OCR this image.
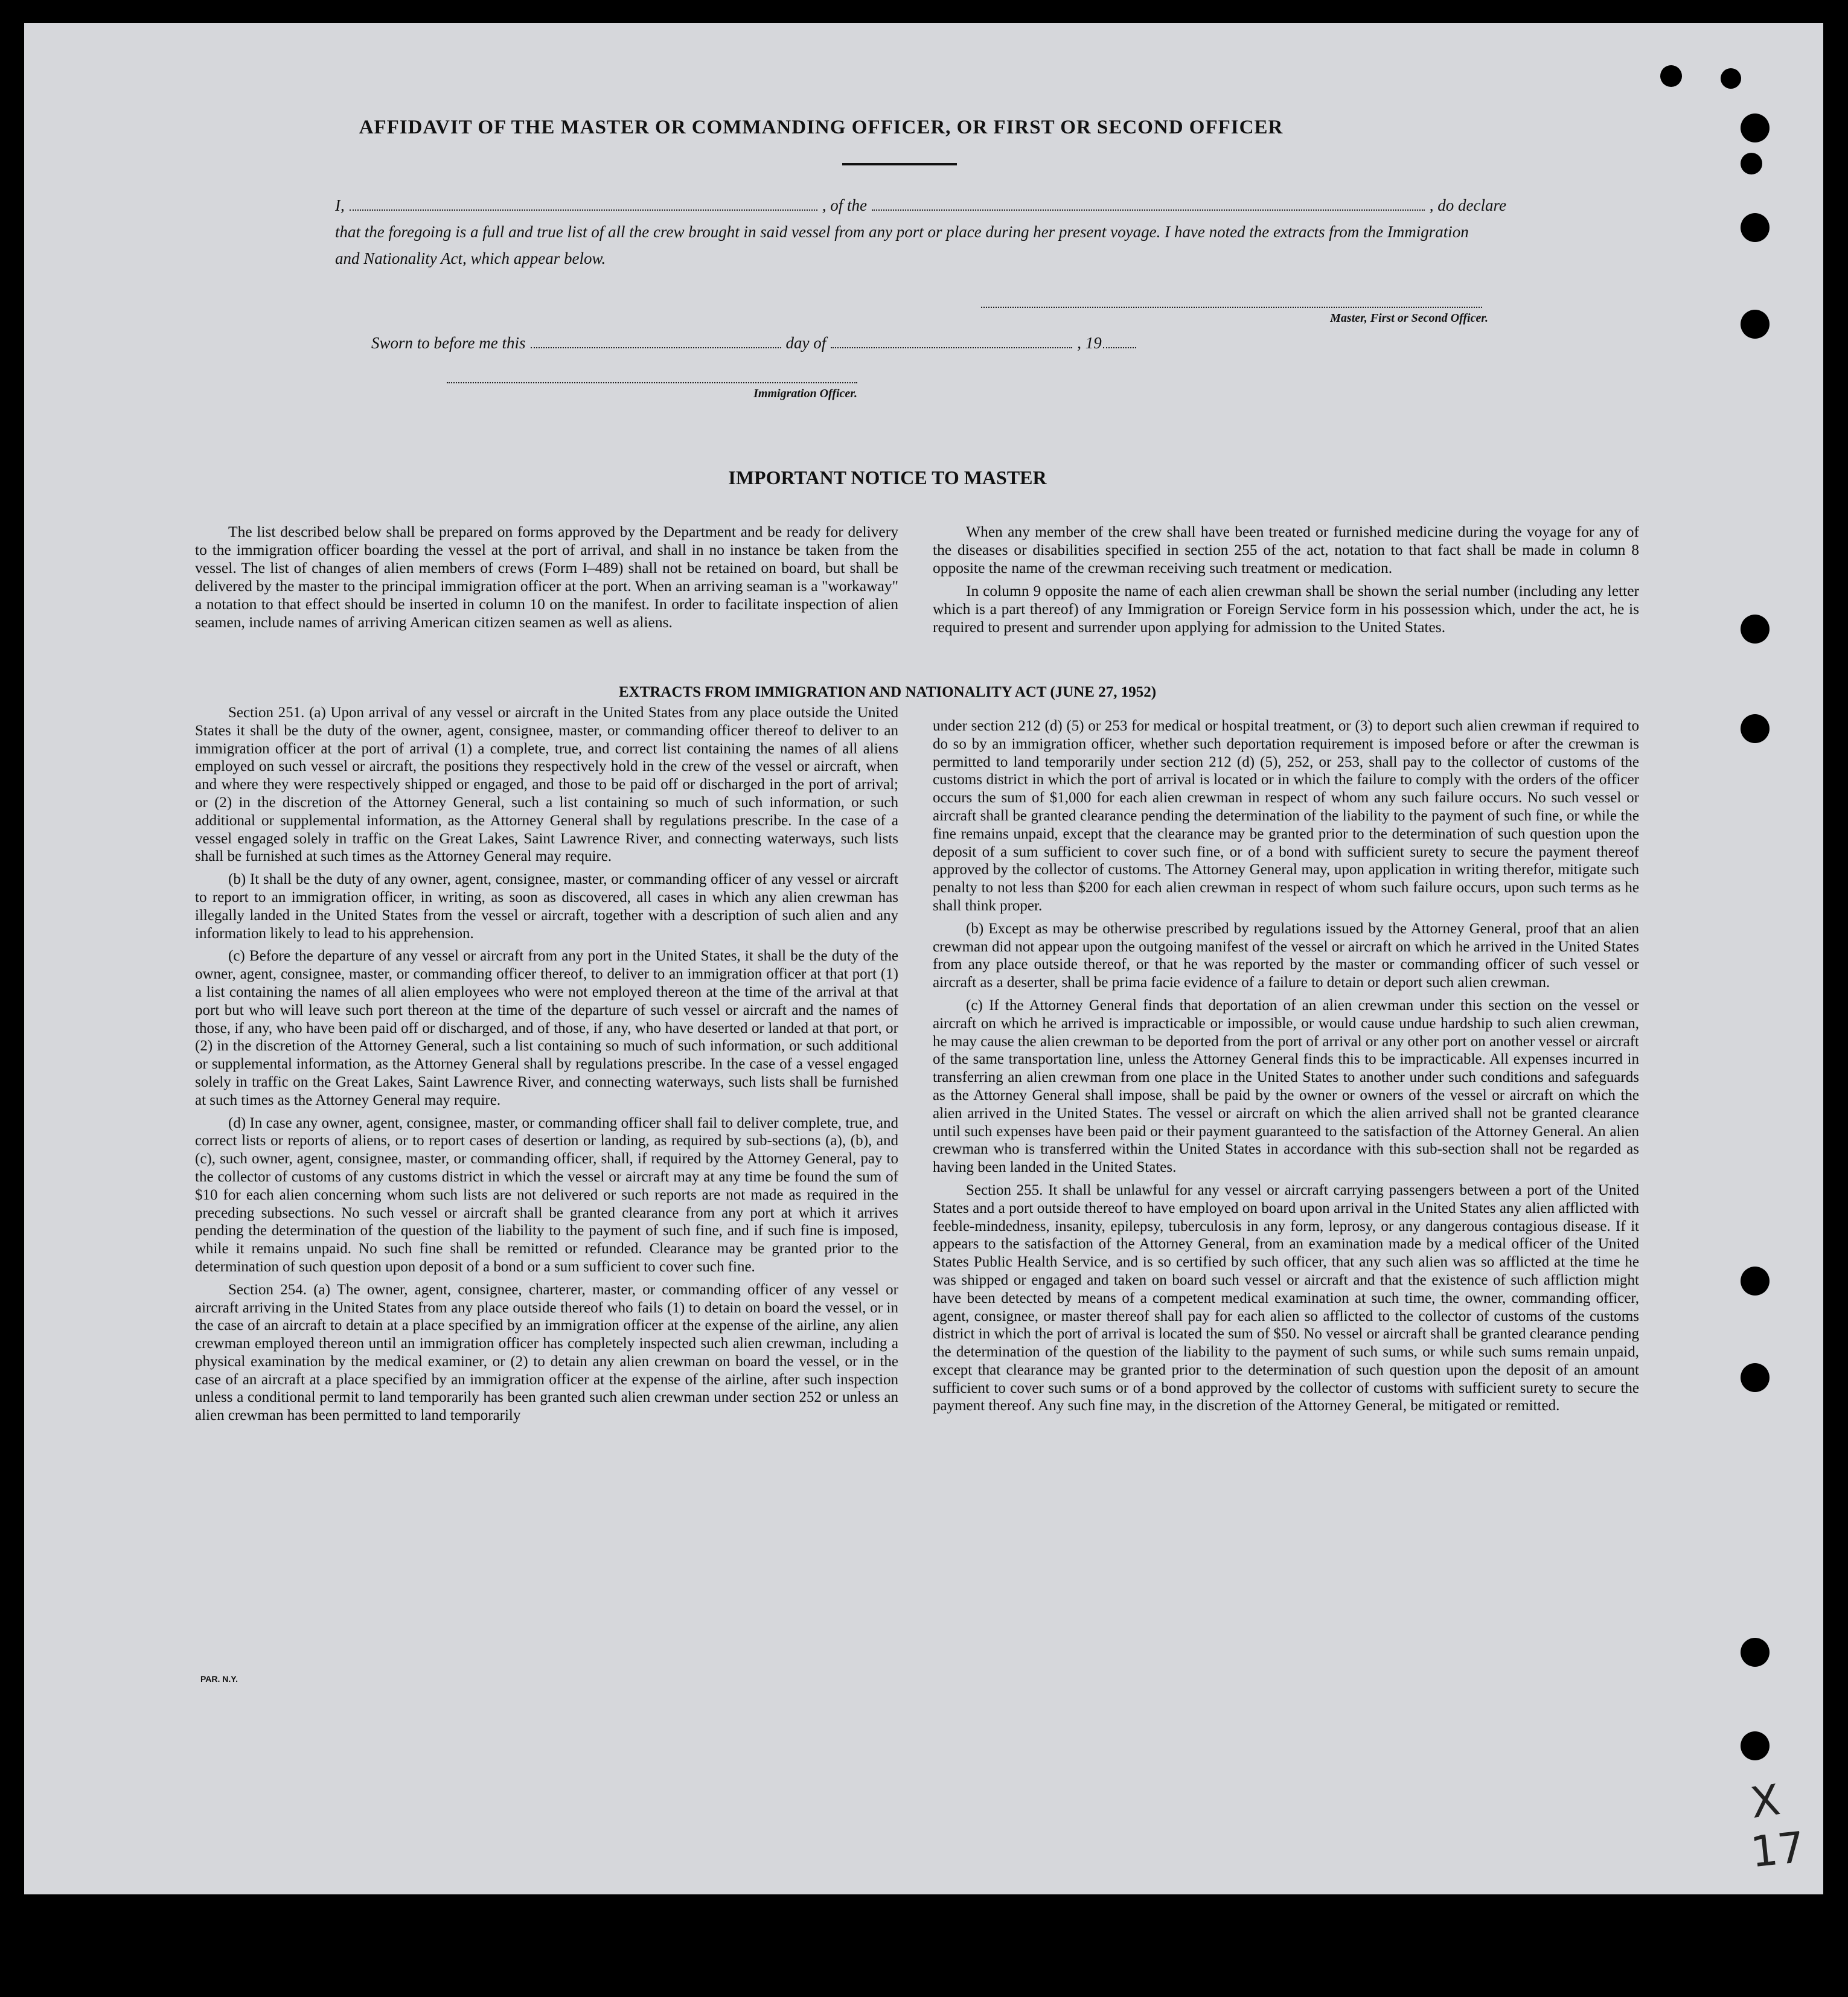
AFFIDAVIT OF THE MASTER OR COMMANDING OFFICER, OR FIRST OR SECOND OFFICER
I,	, of the	, do declare
that the foregoing is a full and true list of all the crew brought in said vessel from any port or place during her present voyage. I have noted the extracts from the Immigration and Nationality Act, which appear below.
Master, First or Second Officer.
Sworn to before me this	day of	, 19
Immigration Officer.
IMPORTANT NOTICE TO MASTER

The list described below shall be prepared on forms approved by the Department and be ready for delivery to the immigration officer boarding the vessel at the port of arrival, and shall in no instance be taken from the vessel. The list of changes of alien members of crews (Form I–489) shall not be retained on board, but shall be delivered by the master to the principal immigration officer at the port. When an arriving seaman is a "workaway" a notation to that effect should be inserted in column 10 on the manifest. In order to facilitate inspection of alien seamen, include names of arriving American citizen seamen as well as aliens.

When any member of the crew shall have been treated or furnished medicine during the voyage for any of the diseases or disabilities specified in section 255 of the act, notation to that fact shall be made in column 8 opposite the name of the crewman receiving such treatment or medication.

In column 9 opposite the name of each alien crewman shall be shown the serial number (including any letter which is a part thereof) of any Immigration or Foreign Service form in his possession which, under the act, he is required to present and surrender upon applying for admission to the United States.

EXTRACTS FROM IMMIGRATION AND NATIONALITY ACT (JUNE 27, 1952)

Section 251. (a) Upon arrival of any vessel or aircraft in the United States from any place outside the United States it shall be the duty of the owner, agent, consignee, master, or commanding officer thereof to deliver to an immigration officer at the port of arrival (1) a complete, true, and correct list containing the names of all aliens employed on such vessel or aircraft, the positions they respectively hold in the crew of the vessel or aircraft, when and where they were respectively shipped or engaged, and those to be paid off or discharged in the port of arrival; or (2) in the discretion of the Attorney General, such a list containing so much of such information, or such additional or supplemental information, as the Attorney General shall by regulations prescribe. In the case of a vessel engaged solely in traffic on the Great Lakes, Saint Lawrence River, and connecting waterways, such lists shall be furnished at such times as the Attorney General may require.

(b) It shall be the duty of any owner, agent, consignee, master, or commanding officer of any vessel or aircraft to report to an immigration officer, in writing, as soon as discovered, all cases in which any alien crewman has illegally landed in the United States from the vessel or aircraft, together with a description of such alien and any information likely to lead to his apprehension.

(c) Before the departure of any vessel or aircraft from any port in the United States, it shall be the duty of the owner, agent, consignee, master, or commanding officer thereof, to deliver to an immigration officer at that port (1) a list containing the names of all alien employees who were not employed thereon at the time of the arrival at that port but who will leave such port thereon at the time of the departure of such vessel or aircraft and the names of those, if any, who have been paid off or discharged, and of those, if any, who have deserted or landed at that port, or (2) in the discretion of the Attorney General, such a list containing so much of such information, or such additional or supplemental information, as the Attorney General shall by regulations prescribe. In the case of a vessel engaged solely in traffic on the Great Lakes, Saint Lawrence River, and connecting waterways, such lists shall be furnished at such times as the Attorney General may require.

(d) In case any owner, agent, consignee, master, or commanding officer shall fail to deliver complete, true, and correct lists or reports of aliens, or to report cases of desertion or landing, as required by sub-sections (a), (b), and (c), such owner, agent, consignee, master, or commanding officer, shall, if required by the Attorney General, pay to the collector of customs of any customs district in which the vessel or aircraft may at any time be found the sum of $10 for each alien concerning whom such lists are not delivered or such reports are not made as required in the preceding subsections. No such vessel or aircraft shall be granted clearance from any port at which it arrives pending the determination of the question of the liability to the payment of such fine, and if such fine is imposed, while it remains unpaid. No such fine shall be remitted or refunded. Clearance may be granted prior to the determination of such question upon deposit of a bond or a sum sufficient to cover such fine.

Section 254. (a) The owner, agent, consignee, charterer, master, or commanding officer of any vessel or aircraft arriving in the United States from any place outside thereof who fails (1) to detain on board the vessel, or in the case of an aircraft to detain at a place specified by an immigration officer at the expense of the airline, any alien crewman employed thereon until an immigration officer has completely inspected such alien crewman, including a physical examination by the medical examiner, or (2) to detain any alien crewman on board the vessel, or in the case of an aircraft at a place specified by an immigration officer at the expense of the airline, after such inspection unless a conditional permit to land temporarily has been granted such alien crewman under section 252 or unless an alien crewman has been permitted to land temporarily

under section 212 (d) (5) or 253 for medical or hospital treatment, or (3) to deport such alien crewman if required to do so by an immigration officer, whether such deportation requirement is imposed before or after the crewman is permitted to land temporarily under section 212 (d) (5), 252, or 253, shall pay to the collector of customs of the customs district in which the port of arrival is located or in which the failure to comply with the orders of the officer occurs the sum of $1,000 for each alien crewman in respect of whom any such failure occurs. No such vessel or aircraft shall be granted clearance pending the determination of the liability to the payment of such fine, or while the fine remains unpaid, except that the clearance may be granted prior to the determination of such question upon the deposit of a sum sufficient to cover such fine, or of a bond with sufficient surety to secure the payment thereof approved by the collector of customs. The Attorney General may, upon application in writing therefor, mitigate such penalty to not less than $200 for each alien crewman in respect of whom such failure occurs, upon such terms as he shall think proper.

(b) Except as may be otherwise prescribed by regulations issued by the Attorney General, proof that an alien crewman did not appear upon the outgoing manifest of the vessel or aircraft on which he arrived in the United States from any place outside thereof, or that he was reported by the master or commanding officer of such vessel or aircraft as a deserter, shall be prima facie evidence of a failure to detain or deport such alien crewman.

(c) If the Attorney General finds that deportation of an alien crewman under this section on the vessel or aircraft on which he arrived is impracticable or impossible, or would cause undue hardship to such alien crewman, he may cause the alien crewman to be deported from the port of arrival or any other port on another vessel or aircraft of the same transportation line, unless the Attorney General finds this to be impracticable. All expenses incurred in transferring an alien crewman from one place in the United States to another under such conditions and safeguards as the Attorney General shall impose, shall be paid by the owner or owners of the vessel or aircraft on which the alien arrived in the United States. The vessel or aircraft on which the alien arrived shall not be granted clearance until such expenses have been paid or their payment guaranteed to the satisfaction of the Attorney General. An alien crewman who is transferred within the United States in accordance with this sub-section shall not be regarded as having been landed in the United States.

Section 255. It shall be unlawful for any vessel or aircraft carrying passengers between a port of the United States and a port outside thereof to have employed on board upon arrival in the United States any alien afflicted with feeble-mindedness, insanity, epilepsy, tuberculosis in any form, leprosy, or any dangerous contagious disease. If it appears to the satisfaction of the Attorney General, from an examination made by a medical officer of the United States Public Health Service, and is so certified by such officer, that any such alien was so afflicted at the time he was shipped or engaged and taken on board such vessel or aircraft and that the existence of such affliction might have been detected by means of a competent medical examination at such time, the owner, commanding officer, agent, consignee, or master thereof shall pay for each alien so afflicted to the collector of customs of the customs district in which the port of arrival is located the sum of $50. No vessel or aircraft shall be granted clearance pending the determination of the question of the liability to the payment of such sums, or while such sums remain unpaid, except that clearance may be granted prior to the determination of such question upon the deposit of an amount sufficient to cover such sums or of a bond approved by the collector of customs with sufficient surety to secure the payment thereof. Any such fine may, in the discretion of the Attorney General, be mitigated or remitted.

PAR. N.Y.
X
17
